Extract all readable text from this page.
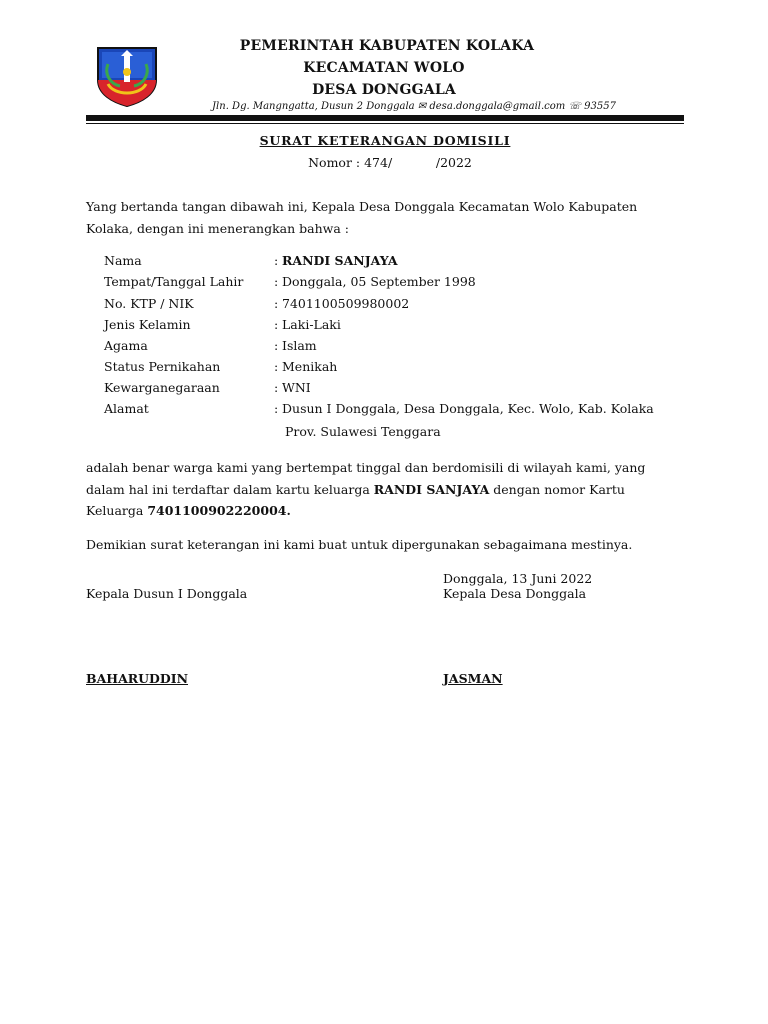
PEMERINTAH KABUPATEN KOLAKA
KECAMATAN WOLO
DESA DONGGALA
Jln. Dg. Mangngatta, Dusun 2 Donggala ✉ desa.donggala@gmail.com ☏ 93557
SURAT KETERANGAN DOMISILI
Nomor : 474/           /2022
Yang bertanda tangan dibawah ini, Kepala Desa Donggala Kecamatan Wolo Kabupaten
Kolaka, dengan ini menerangkan bahwa :
Nama	: RANDI SANJAYA
Tempat/Tanggal Lahir : Donggala, 05 September 1998
No. KTP / NIK	: 7401100509980002
Jenis Kelamin	: Laki-Laki
Agama	: Islam
Status Pernikahan	: Menikah
Kewarganegaraan	: WNI
Alamat	: Dusun I Donggala, Desa Donggala, Kec. Wolo, Kab. Kolaka
Prov. Sulawesi Tenggara
adalah benar warga kami yang bertempat tinggal dan berdomisili di wilayah kami, yang
dalam hal ini terdaftar dalam kartu keluarga RANDI SANJAYA dengan nomor Kartu
Keluarga 7401100902220004.
Demikian surat keterangan ini kami buat untuk dipergunakan sebagaimana mestinya.
Donggala, 13 Juni 2022
Kepala Dusun I Donggala	Kepala Desa Donggala
BAHARUDDIN	JASMAN
